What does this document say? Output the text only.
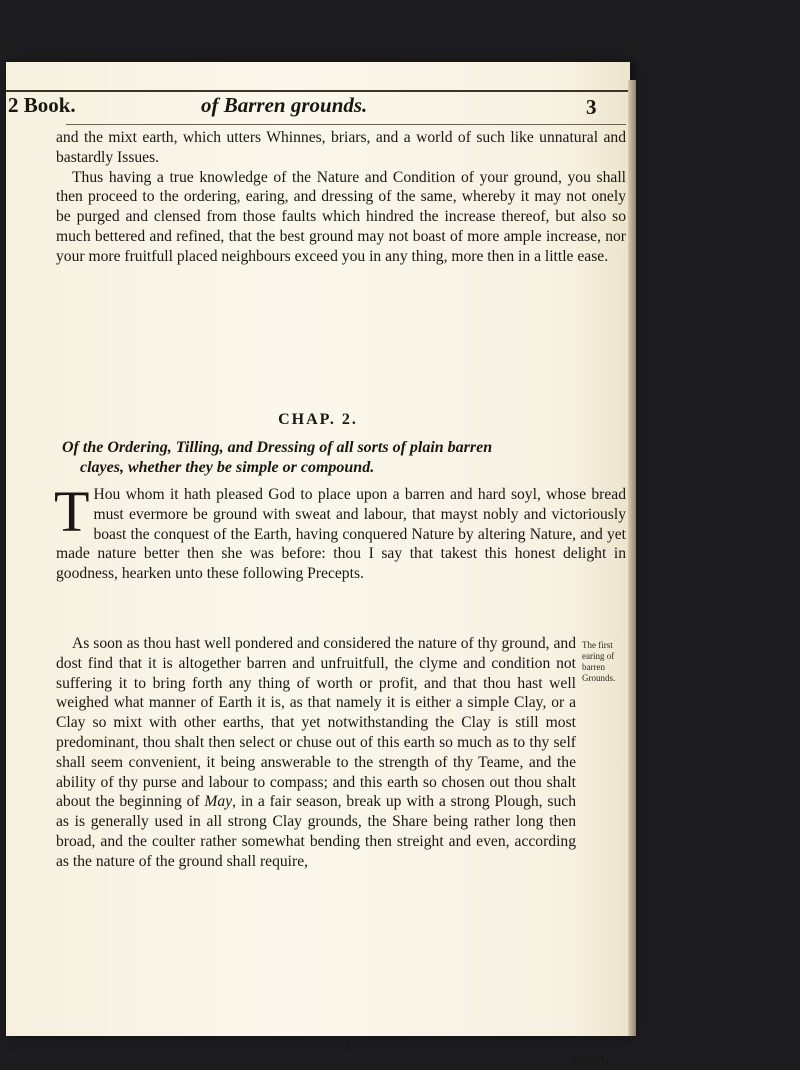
2 Book.	of Barren grounds.	3

and the mixt earth, which utters Whinnes, briars, and a world of such like unnatural and bastardly Issues.

Thus having a true knowledge of the Nature and Condition of your ground, you shall then proceed to the ordering, earing, and dressing of the same, whereby it may not onely be purged and clensed from those faults which hindred the increase thereof, but also so much bettered and refined, that the best ground may not boast of more ample increase, nor your more fruitfull placed neighbours exceed you in any thing, more then in a little ease.

CHAP. 2.

Of the Ordering, Tilling, and Dressing of all sorts of plain barren
clayes, whether they be simple or compound.

T Hou whom it hath pleased God to place upon a barren and hard soyl, whose bread must evermore be ground with sweat and labour, that mayst nobly and victoriously boast the conquest of the Earth, having conquered Nature by altering Nature, and yet made nature better then she was before: thou I say that takest this honest delight in goodness, hearken unto these following Precepts.

As soon as thou hast well pondered and considered the nature of thy ground, and dost find that it is altogether barren and unfruitfull, the clyme and condition not suffering it to bring forth any thing of worth or profit, and that thou hast well weighed what manner of Earth it is, as that namely it is either a simple Clay, or a Clay so mixt with other earths, that yet notwithstanding the Clay is still most predominant, thou shalt then select or chuse out of this earth so much as to thy self shall seem convenient, it being answerable to the strength of thy Teame, and the ability of thy purse and labour to compass; and this earth so chosen out thou shalt about the beginning of May, in a fair season, break up with a strong Plough, such as is generally used in all strong Clay grounds, the Share being rather long then broad, and the coulter rather somewhat bending then streight and even, according as the nature of the ground shall require,

The first earing of barren Grounds.
E
which
